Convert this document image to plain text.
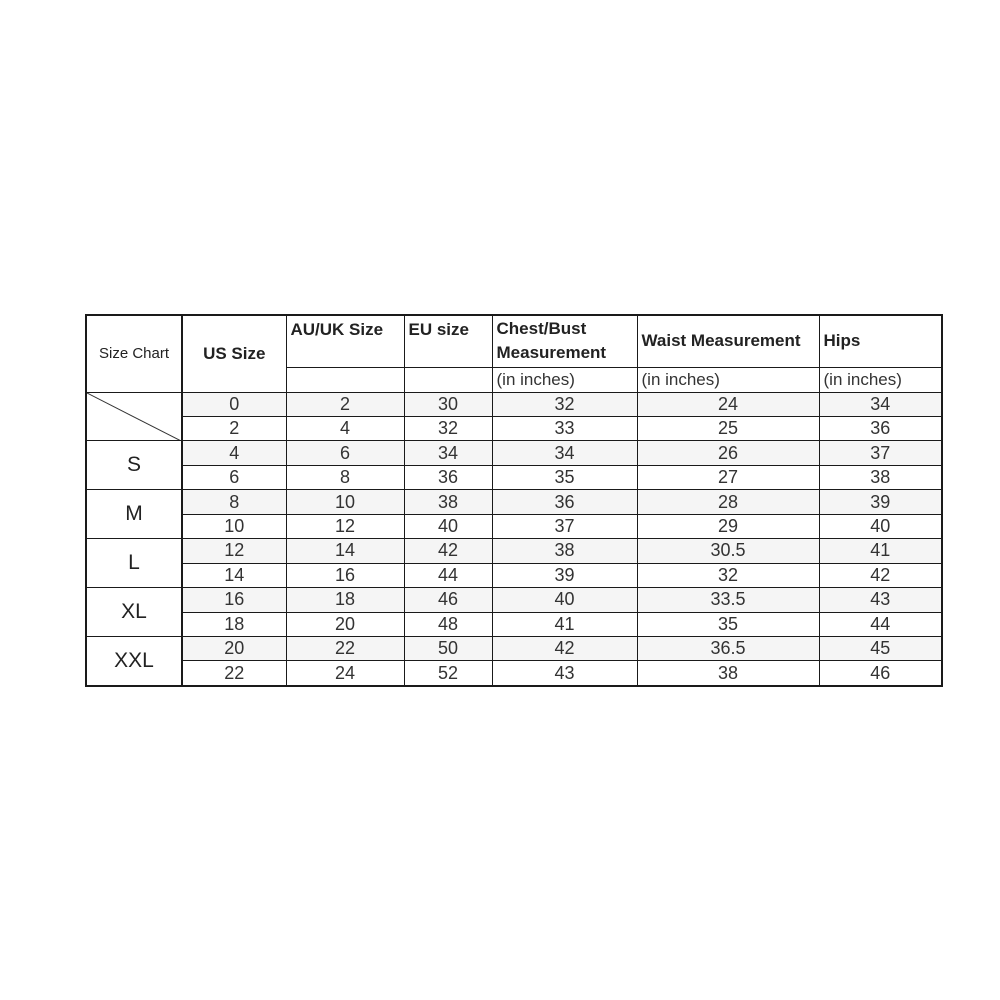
Size Chart	US Size	AU/UK Size	EU size	Chest/Bust Measurement	Waist Measurement	Hips
				(in inches)	(in inches)	(in inches)

	0	2	30	32	24	34
	2	4	32	33	25	36
S	4	6	34	34	26	37
	6	8	36	35	27	38
M	8	10	38	36	28	39
	10	12	40	37	29	40
L	12	14	42	38	30.5	41
	14	16	44	39	32	42
XL	16	18	46	40	33.5	43
	18	20	48	41	35	44
XXL	20	22	50	42	36.5	45
	22	24	52	43	38	46
